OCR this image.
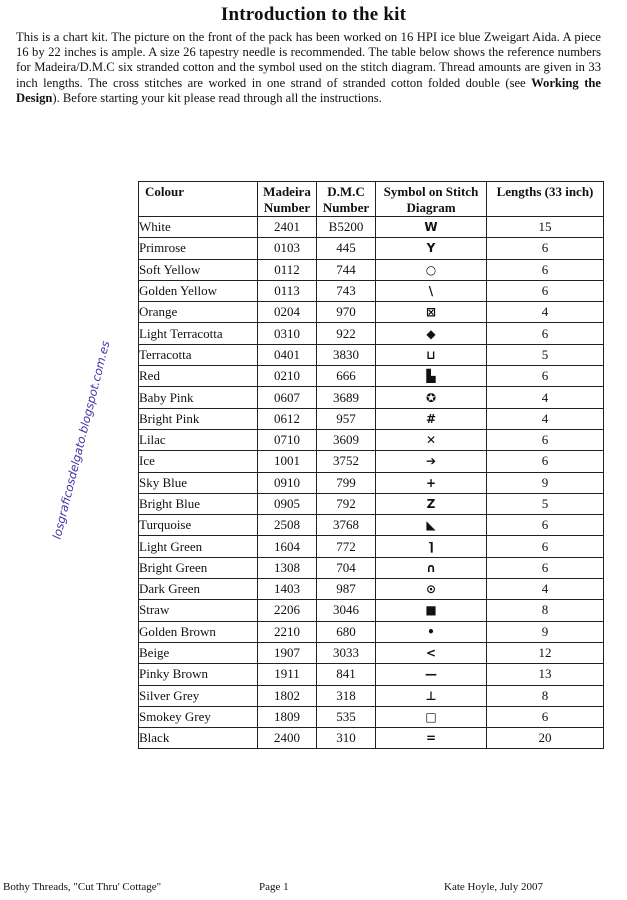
Introduction to the kit
This is a chart kit. The picture on the front of the pack has been worked on 16 HPI ice blue Zweigart Aida. A piece 16 by 22 inches is ample. A size 26 tapestry needle is recommended. The table below shows the reference numbers for Madeira/D.M.C six stranded cotton and the symbol used on the stitch diagram. Thread amounts are given in 33 inch lengths. The cross stitches are worked in one strand of stranded cotton folded double (see Working the Design). Before starting your kit please read through all the instructions.
losgraficosdelgato.blogspot.com.es
Colour	Madeira Number	D.M.C Number	Symbol on Stitch Diagram	Lengths (33 inch)
White	2401	B5200	W	15
Primrose	0103	445	Y	6
Soft Yellow	0112	744	○	6
Golden Yellow	0113	743	\	6
Orange	0204	970	⊠	4
Light Terracotta	0310	922	◆	6
Terracotta	0401	3830	⊔	5
Red	0210	666	▙	6
Baby Pink	0607	3689	✪	4
Bright Pink	0612	957	#	4
Lilac	0710	3609	✕	6
Ice	1001	3752	➔	6
Sky Blue	0910	799	+	9
Bright Blue	0905	792	Z	5
Turquoise	2508	3768	◣	6
Light Green	1604	772	⌉	6
Bright Green	1308	704	∩	6
Dark Green	1403	987	⊙	4
Straw	2206	3046	■	8
Golden Brown	2210	680	•	9
Beige	1907	3033	<	12
Pinky Brown	1911	841	—	13
Silver Grey	1802	318	⊥	8
Smokey Grey	1809	535	□	6
Black	2400	310	=	20
Bothy Threads, "Cut Thru' Cottage"	Page 1	Kate Hoyle, July 2007
